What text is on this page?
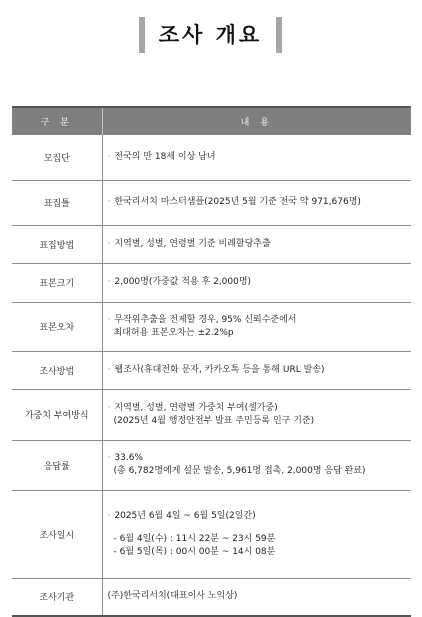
조사 개요
구 분	내 용
모집단	· 전국의 만 18세 이상 남녀

표집틀	· 한국리서치 마스터샘플(2025년 5월 기준 전국 약 971,676명)

표집방법	· 지역별, 성별, 연령별 기준 비례할당추출

표본크기	· 2,000명(가중값 적용 후 2,000명)

표본오차	· 무작위추출을 전제할 경우, 95% 신뢰수준에서
최대허용 표본오차는 ±2.2%p

조사방법	· 웹조사(휴대전화 문자, 카카오톡 등을 통해 URL 발송)

가중치 부여방식	· 지역별, 성별, 연령별 가중치 부여(셀가중)
(2025년 4월 행정안전부 발표 주민등록 인구 기준)

응답률	· 33.6%
(총 6,782명에게 설문 발송, 5,961명 접촉, 2,000명 응답 완료)

조사일시	· 2025년 6월 4일 ~ 6월 5일(2일간)
- 6월 4일(수) : 11시 22분 ~ 23시 59분
- 6월 5일(목) : 00시 00분 ~ 14시 08분

조사기관	(주)한국리서치(대표이사 노익상)
